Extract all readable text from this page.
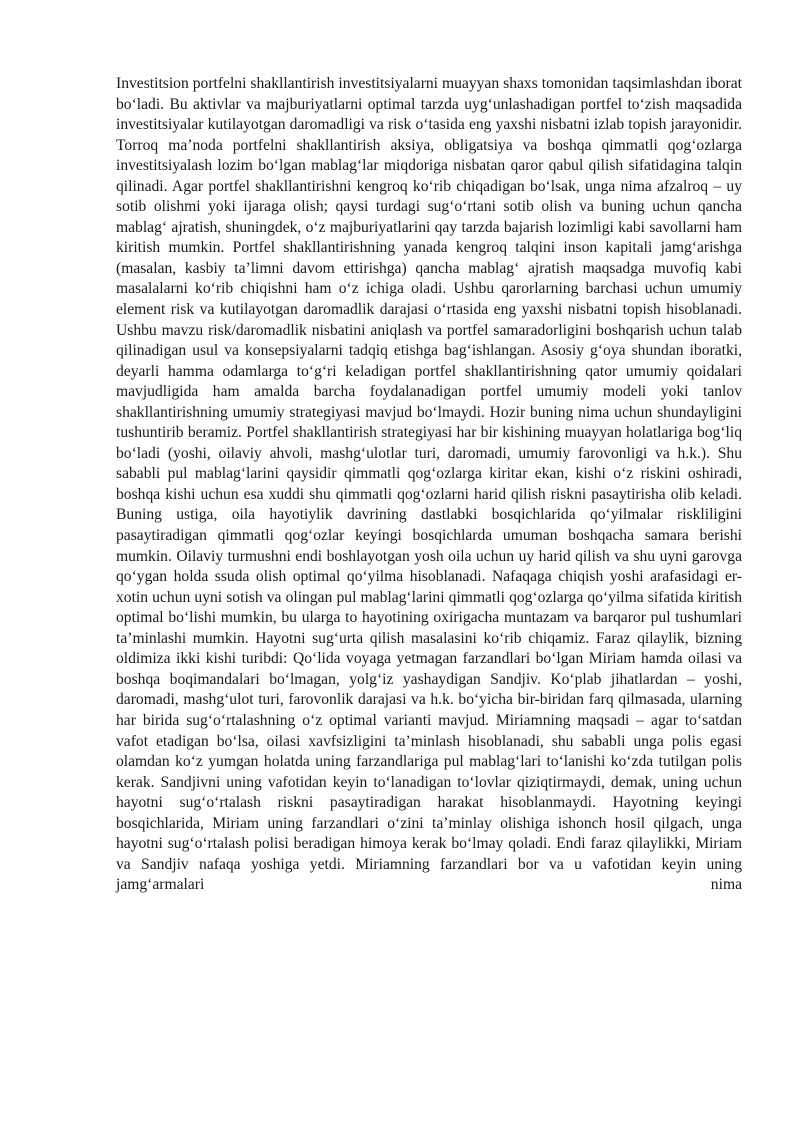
Investitsion portfelni shakllantirish investitsiyalarni muayyan shaxs tomonidan taqsimlashdan iborat boʻladi. Bu aktivlar va majburiyatlarni optimal tarzda uygʻunlashadigan portfel toʻzish maqsadida investitsiyalar kutilayotgan daromadligi va risk oʻtasida eng yaxshi nisbatni izlab topish jarayonidir. Torroq maʼnoda portfelni shakllantirish aksiya, obligatsiya va boshqa qimmatli qogʻozlarga investitsiyalash lozim boʻlgan mablagʻlar miqdoriga nisbatan qaror qabul qilish sifatidagina talqin qilinadi. Agar portfel shakllantirishni kengroq koʻrib chiqadigan boʻlsak, unga nima afzalroq – uy sotib olishmi yoki ijaraga olish; qaysi turdagi sugʻoʻrtani sotib olish va buning uchun qancha mablagʻ ajratish, shuningdek, oʻz majburiyatlarini qay tarzda bajarish lozimligi kabi savollarni ham kiritish mumkin. Portfel shakllantirishning yanada kengroq talqini inson kapitali jamgʻarishga (masalan, kasbiy taʼlimni davom ettirishga) qancha mablagʻ ajratish maqsadga muvofiq kabi masalalarni koʻrib chiqishni ham oʻz ichiga oladi. Ushbu qarorlarning barchasi uchun umumiy element risk va kutilayotgan daromadlik darajasi oʻrtasida eng yaxshi nisbatni topish hisoblanadi. Ushbu mavzu risk/daromadlik nisbatini aniqlash va portfel samaradorligini boshqarish uchun talab qilinadigan usul va konsepsiyalarni tadqiq etishga bagʻishlangan. Asosiy gʻoya shundan iboratki, deyarli hamma odamlarga toʻgʻri keladigan portfel shakllantirishning qator umumiy qoidalari mavjudligida ham amalda barcha foydalanadigan portfel umumiy modeli yoki tanlov shakllantirishning umumiy strategiyasi mavjud boʻlmaydi. Hozir buning nima uchun shundayligini tushuntirib beramiz. Portfel shakllantirish strategiyasi har bir kishining muayyan holatlariga bogʻliq boʻladi (yoshi, oilaviy ahvoli, mashgʻulotlar turi, daromadi, umumiy farovonligi va h.k.). Shu sababli pul mablagʻlarini qaysidir qimmatli qogʻozlarga kiritar ekan, kishi oʻz riskini oshiradi, boshqa kishi uchun esa xuddi shu qimmatli qogʻozlarni harid qilish riskni pasaytirisha olib keladi. Buning ustiga, oila hayotiylik davrining dastlabki bosqichlarida qoʻyilmalar riskliligini pasaytiradigan qimmatli qogʻozlar keyingi bosqichlarda umuman boshqacha samara berishi mumkin. Oilaviy turmushni endi boshlayotgan yosh oila uchun uy harid qilish va shu uyni garovga qoʻygan holda ssuda olish optimal qoʻyilma hisoblanadi. Nafaqaga chiqish yoshi arafasidagi er-xotin uchun uyni sotish va olingan pul mablagʻlarini qimmatli qogʻozlarga qoʻyilma sifatida kiritish optimal boʻlishi mumkin, bu ularga to hayotining oxirigacha muntazam va barqaror pul tushumlari taʼminlashi mumkin. Hayotni sugʻurta qilish masalasini koʻrib chiqamiz. Faraz qilaylik, bizning oldimiza ikki kishi turibdi: Qoʻlida voyaga yetmagan farzandlari boʻlgan Miriam hamda oilasi va boshqa boqimandalari boʻlmagan, yolgʻiz yashaydigan Sandjiv. Koʻplab jihatlardan – yoshi, daromadi, mashgʻulot turi, farovonlik darajasi va h.k. boʻyicha bir-biridan farq qilmasada, ularning har birida sugʻoʻrtalashning oʻz optimal varianti mavjud. Miriamning maqsadi – agar toʻsatdan vafot etadigan boʻlsa, oilasi xavfsizligini taʼminlash hisoblanadi, shu sababli unga polis egasi olamdan koʻz yumgan holatda uning farzandlariga pul mablagʻlari toʻlanishi koʻzda tutilgan polis kerak. Sandjivni uning vafotidan keyin toʻlanadigan toʻlovlar qiziqtirmaydi, demak, uning uchun hayotni sugʻoʻrtalash riskni pasaytiradigan harakat hisoblanmaydi. Hayotning keyingi bosqichlarida, Miriam uning farzandlari oʻzini taʼminlay olishiga ishonch hosil qilgach, unga hayotni sugʻoʻrtalash polisi beradigan himoya kerak boʻlmay qoladi. Endi faraz qilaylikki, Miriam va Sandjiv nafaqa yoshiga yetdi. Miriamning farzandlari bor va u vafotidan keyin uning jamgʻarmalari nima
